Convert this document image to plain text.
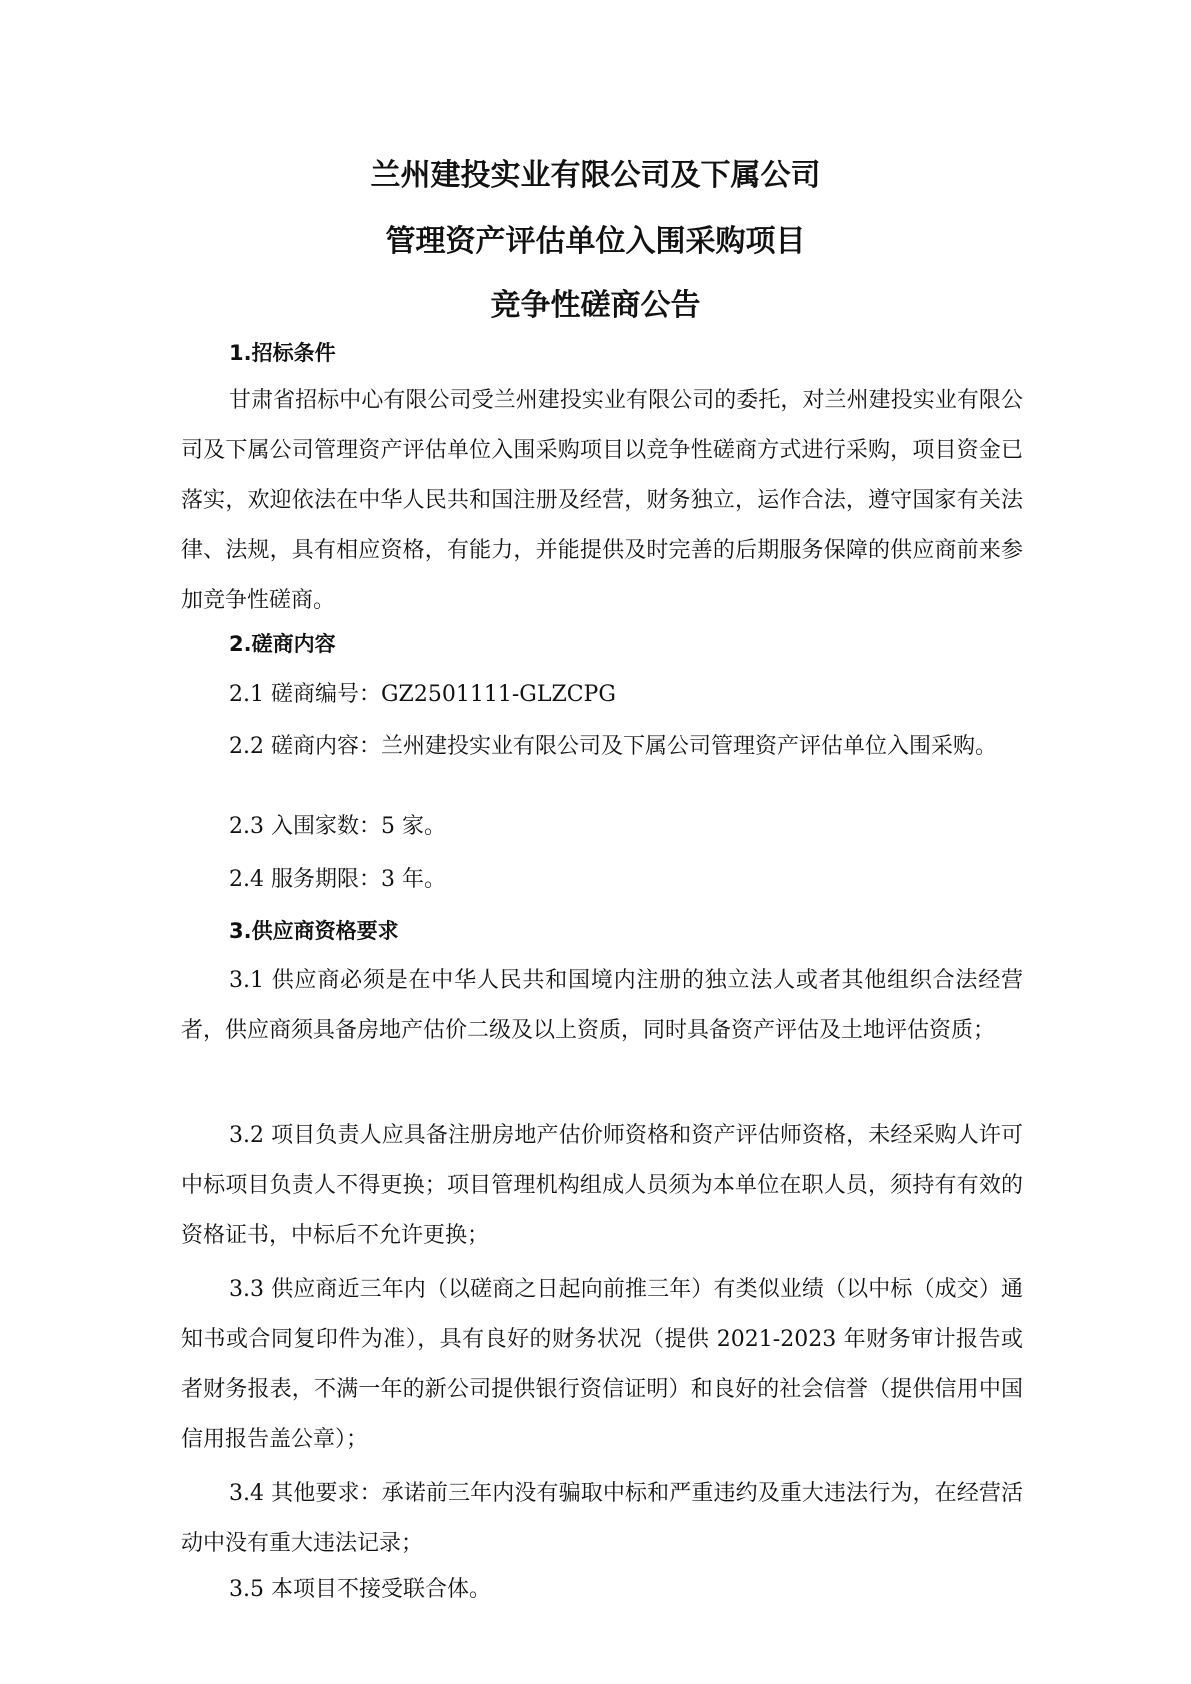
兰州建投实业有限公司及下属公司
管理资产评估单位入围采购项目
竞争性磋商公告
1.招标条件

甘肃省招标中心有限公司受兰州建投实业有限公司的委托，对兰州建投实业有限公司及下属公司管理资产评估单位入围采购项目以竞争性磋商方式进行采购，项目资金已落实，欢迎依法在中华人民共和国注册及经营，财务独立，运作合法，遵守国家有关法律、法规，具有相应资格，有能力，并能提供及时完善的后期服务保障的供应商前来参加竞争性磋商。

2.磋商内容

2.1 磋商编号：GZ2501111-GLZCPG

2.2 磋商内容：兰州建投实业有限公司及下属公司管理资产评估单位入围采购。

2.3 入围家数：5 家。

2.4 服务期限：3 年。

3.供应商资格要求

3.1 供应商必须是在中华人民共和国境内注册的独立法人或者其他组织合法经营者，供应商须具备房地产估价二级及以上资质，同时具备资产评估及土地评估资质；

3.2 项目负责人应具备注册房地产估价师资格和资产评估师资格，未经采购人许可中标项目负责人不得更换；项目管理机构组成人员须为本单位在职人员，须持有有效的资格证书，中标后不允许更换；

3.3 供应商近三年内（以磋商之日起向前推三年）有类似业绩（以中标（成交）通知书或合同复印件为准），具有良好的财务状况（提供 2021-2023 年财务审计报告或者财务报表，不满一年的新公司提供银行资信证明）和良好的社会信誉（提供信用中国信用报告盖公章）；

3.4 其他要求：承诺前三年内没有骗取中标和严重违约及重大违法行为，在经营活动中没有重大违法记录；

3.5 本项目不接受联合体。
